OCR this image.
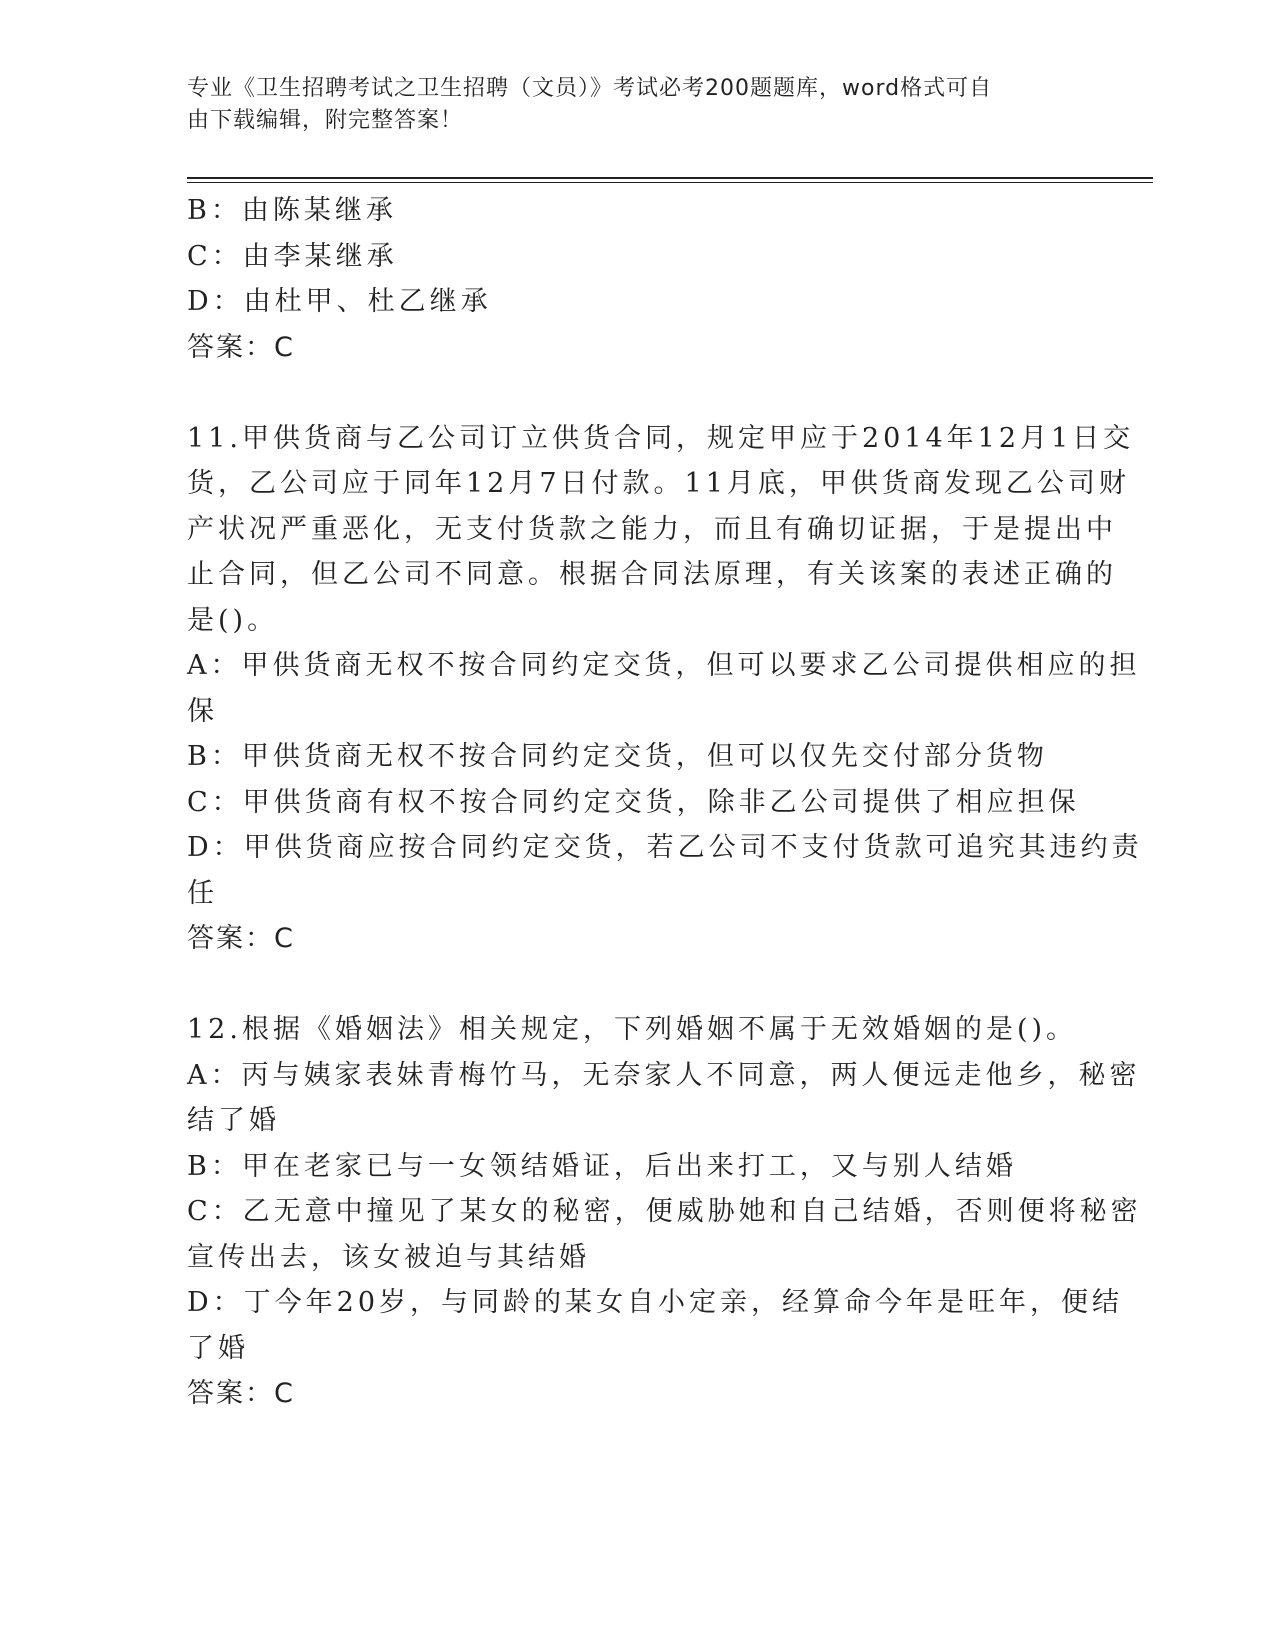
专业《卫生招聘考试之卫生招聘（文员）》考试必考200题题库，word格式可自
由下载编辑，附完整答案！
B：由陈某继承
C：由李某继承
D：由杜甲、杜乙继承
答案：C
11.甲供货商与乙公司订立供货合同，规定甲应于2014年12月1日交
货，乙公司应于同年12月7日付款。11月底，甲供货商发现乙公司财
产状况严重恶化，无支付货款之能力，而且有确切证据，于是提出中
止合同，但乙公司不同意。根据合同法原理，有关该案的表述正确的
是()。
A：甲供货商无权不按合同约定交货，但可以要求乙公司提供相应的担
保
B：甲供货商无权不按合同约定交货，但可以仅先交付部分货物
C：甲供货商有权不按合同约定交货，除非乙公司提供了相应担保
D：甲供货商应按合同约定交货，若乙公司不支付货款可追究其违约责
任
答案：C
12.根据《婚姻法》相关规定，下列婚姻不属于无效婚姻的是()。
A：丙与姨家表妹青梅竹马，无奈家人不同意，两人便远走他乡，秘密
结了婚
B：甲在老家已与一女领结婚证，后出来打工，又与别人结婚
C：乙无意中撞见了某女的秘密，便威胁她和自己结婚，否则便将秘密
宣传出去，该女被迫与其结婚
D：丁今年20岁，与同龄的某女自小定亲，经算命今年是旺年，便结
了婚
答案：C
